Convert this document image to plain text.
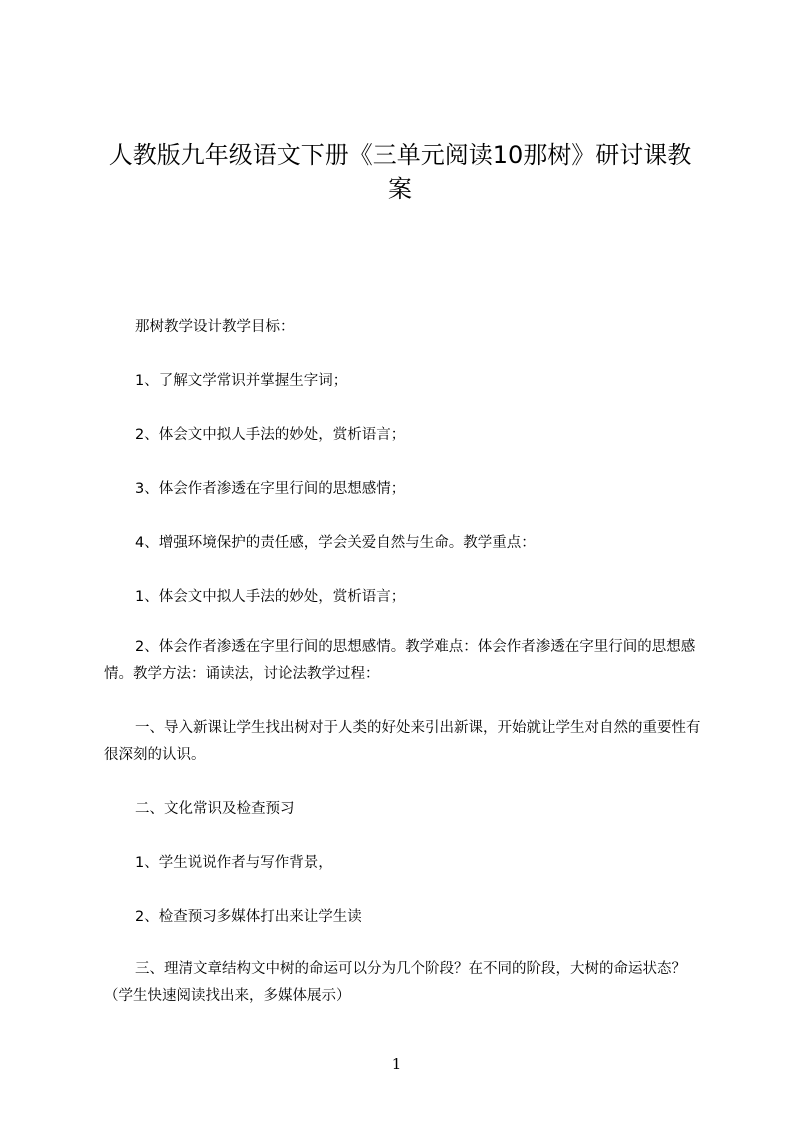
人教版九年级语文下册《三单元阅读10那树》研讨课教案

那树教学设计教学目标：

1、了解文学常识并掌握生字词；

2、体会文中拟人手法的妙处，赏析语言；

3、体会作者渗透在字里行间的思想感情；

4、增强环境保护的责任感，学会关爱自然与生命。教学重点：

1、体会文中拟人手法的妙处，赏析语言；

2、体会作者渗透在字里行间的思想感情。教学难点：体会作者渗透在字里行间的思想感情。教学方法：诵读法，讨论法教学过程：

一、导入新课让学生找出树对于人类的好处来引出新课，开始就让学生对自然的重要性有很深刻的认识。

二、文化常识及检查预习

1、学生说说作者与写作背景，

2、检查预习多媒体打出来让学生读

三、理清文章结构文中树的命运可以分为几个阶段？在不同的阶段，大树的命运状态？（学生快速阅读找出来，多媒体展示）

1
